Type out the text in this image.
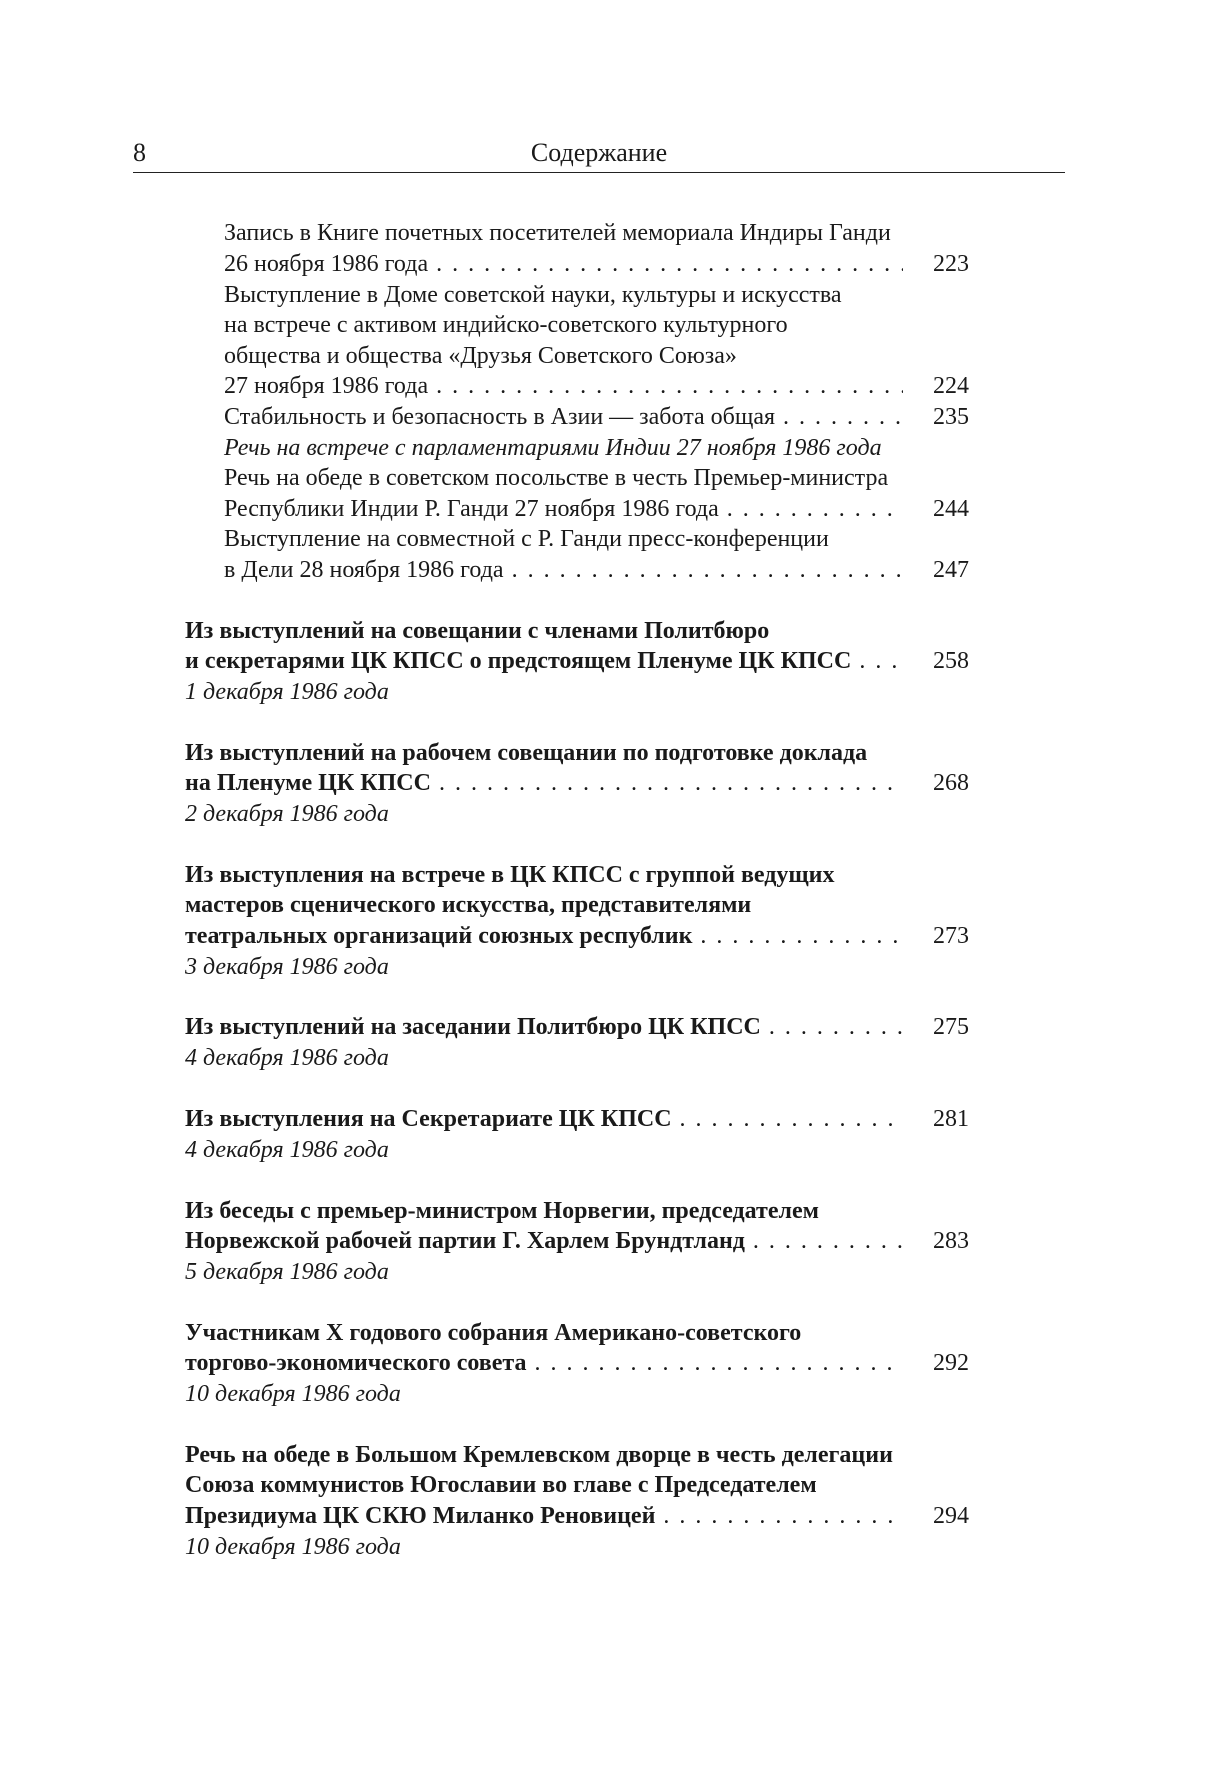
8	Содержание
Запись в Книге почетных посетителей мемориала Индиры Ганди
26 ноября 1986 года . . .	223
Выступление в Доме советской науки, культуры и искусства
на встрече с активом индийско-советского культурного
общества и общества «Друзья Советского Союза»
27 ноября 1986 года . . .	224
Стабильность и безопасность в Азии — забота общая . . .	235
Речь на встрече с парламентариями Индии 27 ноября 1986 года
Речь на обеде в советском посольстве в честь Премьер-министра
Республики Индии Р. Ганди 27 ноября 1986 года . . .	244
Выступление на совместной с Р. Ганди пресс-конференции
в Дели 28 ноября 1986 года . . .	247
Из выступлений на совещании с членами Политбюро
и секретарями ЦК КПСС о предстоящем Пленуме ЦК КПСС . . .	258
1 декабря 1986 года
Из выступлений на рабочем совещании по подготовке доклада
на Пленуме ЦК КПСС . . .	268
2 декабря 1986 года
Из выступления на встрече в ЦК КПСС с группой ведущих
мастеров сценического искусства, представителями
театральных организаций союзных республик . . .	273
3 декабря 1986 года
Из выступлений на заседании Политбюро ЦК КПСС . . .	275
4 декабря 1986 года
Из выступления на Секретариате ЦК КПСС . . .	281
4 декабря 1986 года
Из беседы с премьер-министром Норвегии, председателем
Норвежской рабочей партии Г. Харлем Брундтланд . . .	283
5 декабря 1986 года
Участникам X годового собрания Американо-советского
торгово-экономического совета . . .	292
10 декабря 1986 года
Речь на обеде в Большом Кремлевском дворце в честь делегации
Союза коммунистов Югославии во главе с Председателем
Президиума ЦК СКЮ Миланко Реновицей . . .	294
10 декабря 1986 года
